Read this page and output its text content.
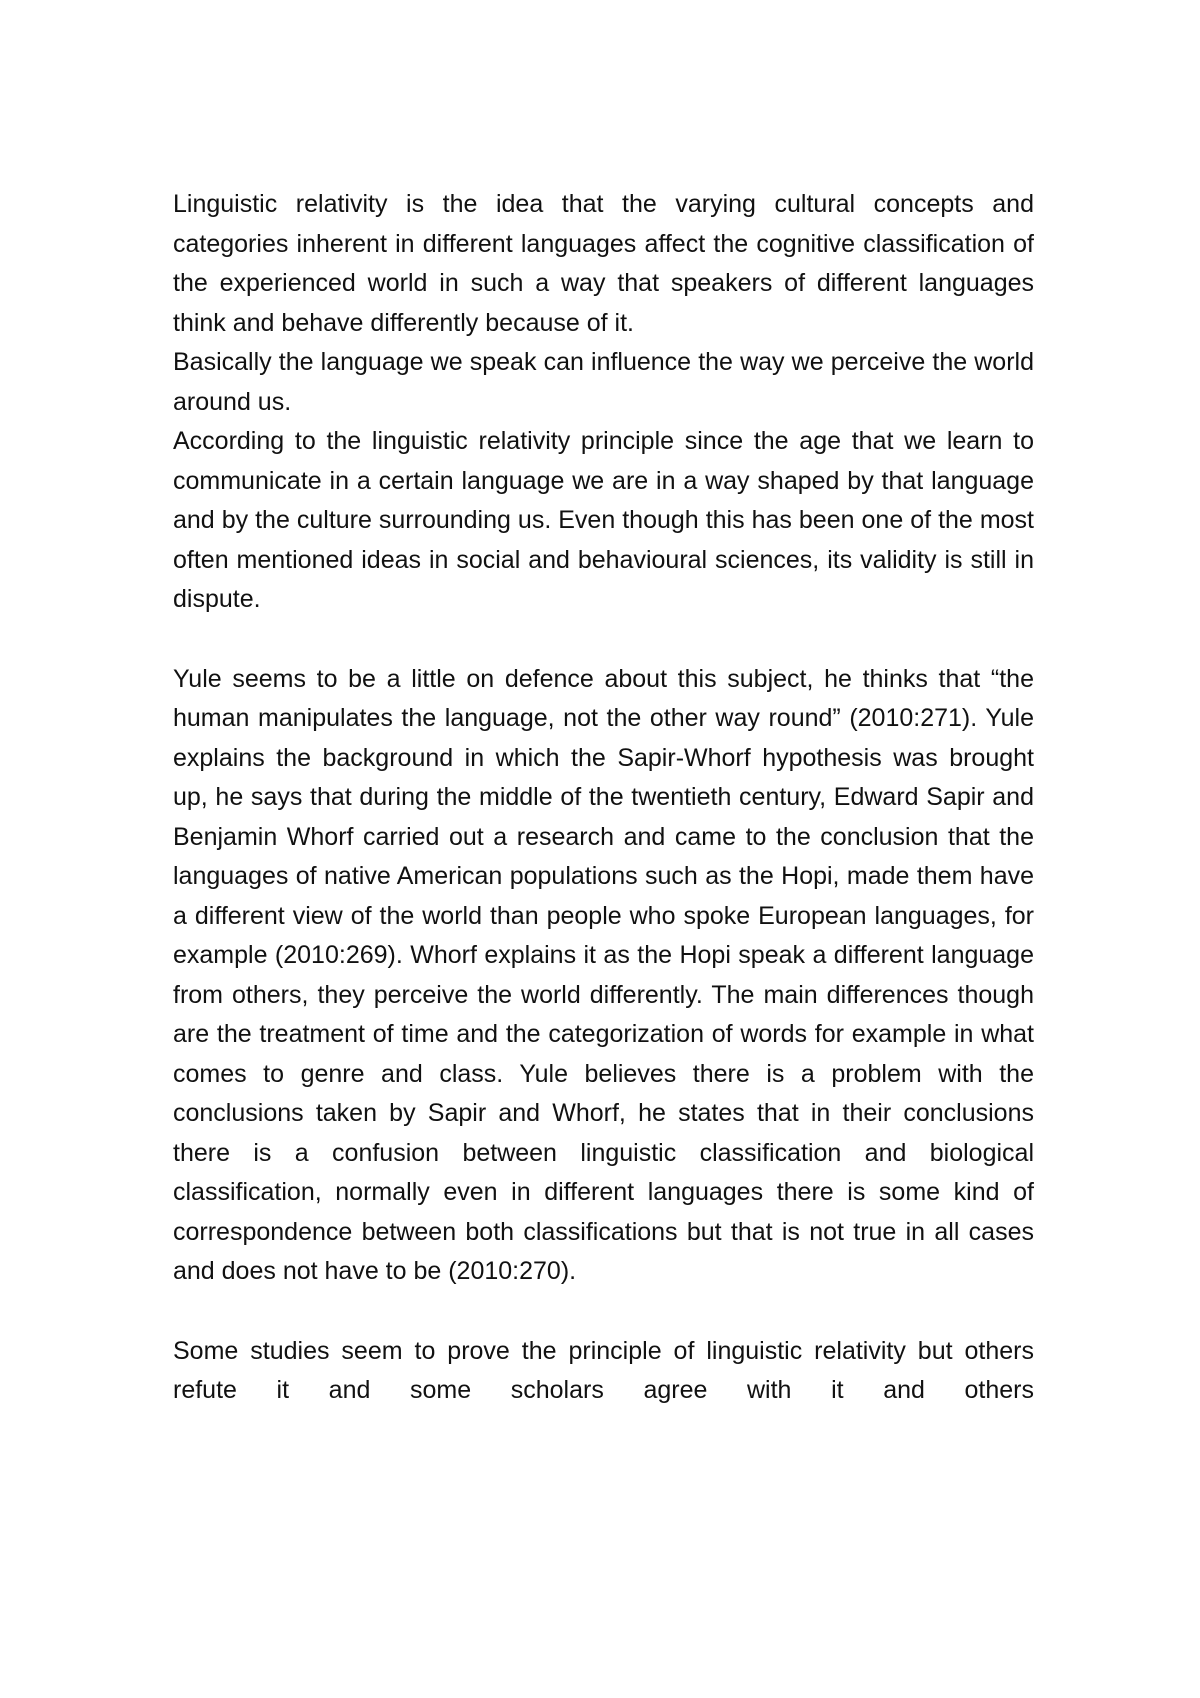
Linguistic relativity is the idea that the varying cultural concepts and categories inherent in different languages affect the cognitive classification of the experienced world in such a way that speakers of different languages think and behave differently because of it.

Basically the language we speak can influence the way we perceive the world around us.

According to the linguistic relativity principle since the age that we learn to communicate in a certain language we are in a way shaped by that language and by the culture surrounding us. Even though this has been one of the most often mentioned ideas in social and behavioural sciences, its validity is still in dispute.

Yule seems to be a little on defence about this subject, he thinks that “the human manipulates the language, not the other way round” (2010:271). Yule explains the background in which the Sapir-Whorf hypothesis was brought up, he says that during the middle of the twentieth century, Edward Sapir and Benjamin Whorf carried out a research and came to the conclusion that the languages of native American populations such as the Hopi, made them have a different view of the world than people who spoke European languages, for example (2010:269). Whorf explains it as the Hopi speak a different language from others, they perceive the world differently. The main differences though are the treatment of time and the categorization of words for example in what comes to genre and class. Yule believes there is a problem with the conclusions taken by Sapir and Whorf, he states that in their conclusions there is a confusion between linguistic classification and biological classification, normally even in different languages there is some kind of correspondence between both classifications but that is not true in all cases and does not have to be (2010:270).

Some studies seem to prove the principle of linguistic relativity but others refute it and some scholars agree with it and others
